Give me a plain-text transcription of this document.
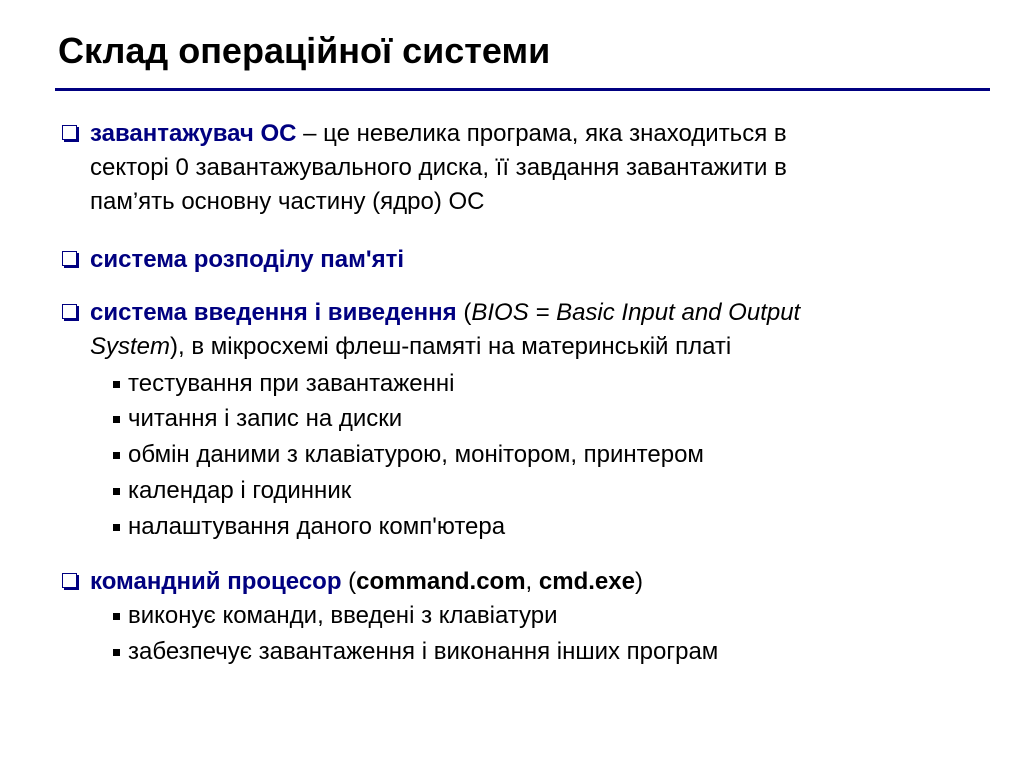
Склад операційної системи
завантажувач ОС – це невелика програма, яка знаходиться в
секторі 0 завантажувального диска, її завдання завантажити в
пам’ять основну частину (ядро) ОС
система розподілу пам'яті
система введення і виведення (BIOS = Basic Input and Output
System), в мікросхемі флеш-памяті на материнській платі
тестування при завантаженні
читання і запис на диски
обмін даними з клавіатурою, монітором, принтером
календар і годинник
налаштування даного комп'ютера
командний процесор (command.com, cmd.exe)
виконує команди, введені з клавіатури
забезпечує завантаження і виконання інших програм
